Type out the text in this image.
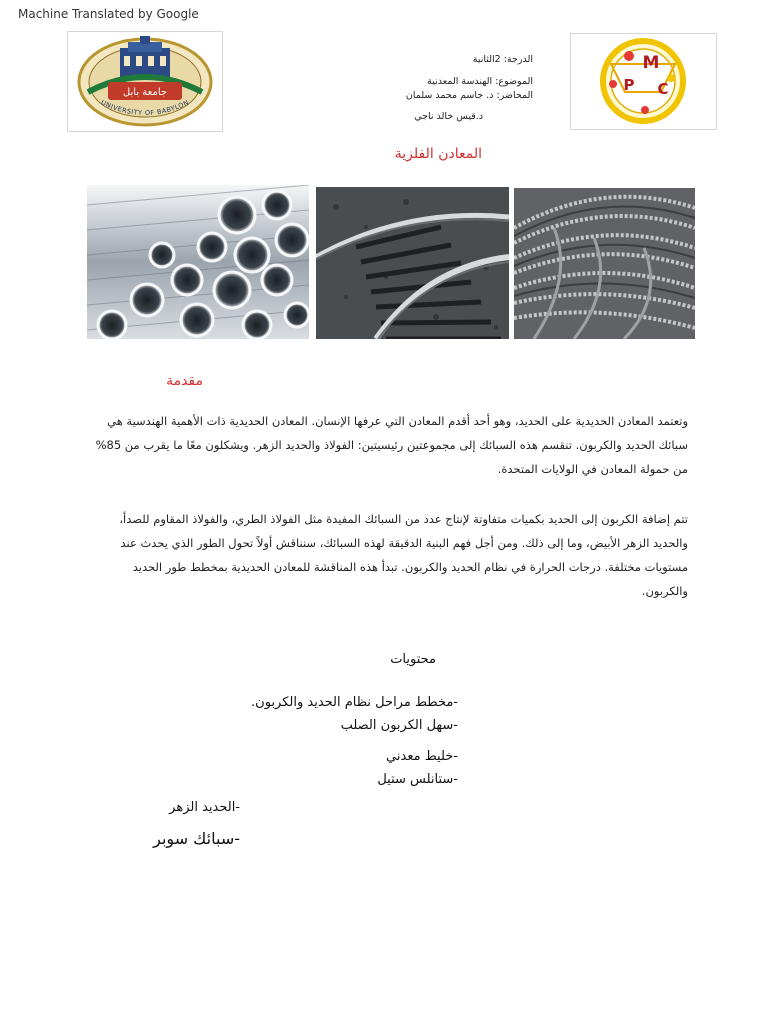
Machine Translated by Google
جامعة بابل
UNIVERSITY OF BABYLON
M
P C
الدرجة: 2الثانية
الموضوع: الهندسة المعدنية
المحاضر: د. جاسم محمد سلمان
د.قيس خالد ناجي
المعادن الفلزية
مقدمة
وتعتمد المعادن الحديدية على الحديد، وهو أحد أقدم المعادن التي عرفها الإنسان. المعادن الحديدية ذات الأهمية الهندسية هي سبائك الحديد والكربون. تنقسم هذه السبائك إلى مجموعتين رئيسيتين: الفولاذ والحديد الزهر. ويشكلون معًا ما يقرب من 85% من حمولة المعادن في الولايات المتحدة.
تتم إضافة الكربون إلى الحديد بكميات متفاوتة لإنتاج عدد من السبائك المفيدة مثل الفولاذ الطري، والفولاذ المقاوم للصدأ، والحديد الزهر الأبيض، وما إلى ذلك. ومن أجل فهم البنية الدقيقة لهذه السبائك، سنناقش أولاً تحول الطور الذي يحدث عند مستويات مختلفة. درجات الحرارة في نظام الحديد والكربون. تبدأ هذه المناقشة للمعادن الحديدية بمخطط طور الحديد والكربون.
محتويات
-مخطط مراحل نظام الحديد والكربون.
-سهل الكربون الصلب
-خليط معدني
-ستانلس ستيل
-الحديد الزهر
-سبائك سوبر
